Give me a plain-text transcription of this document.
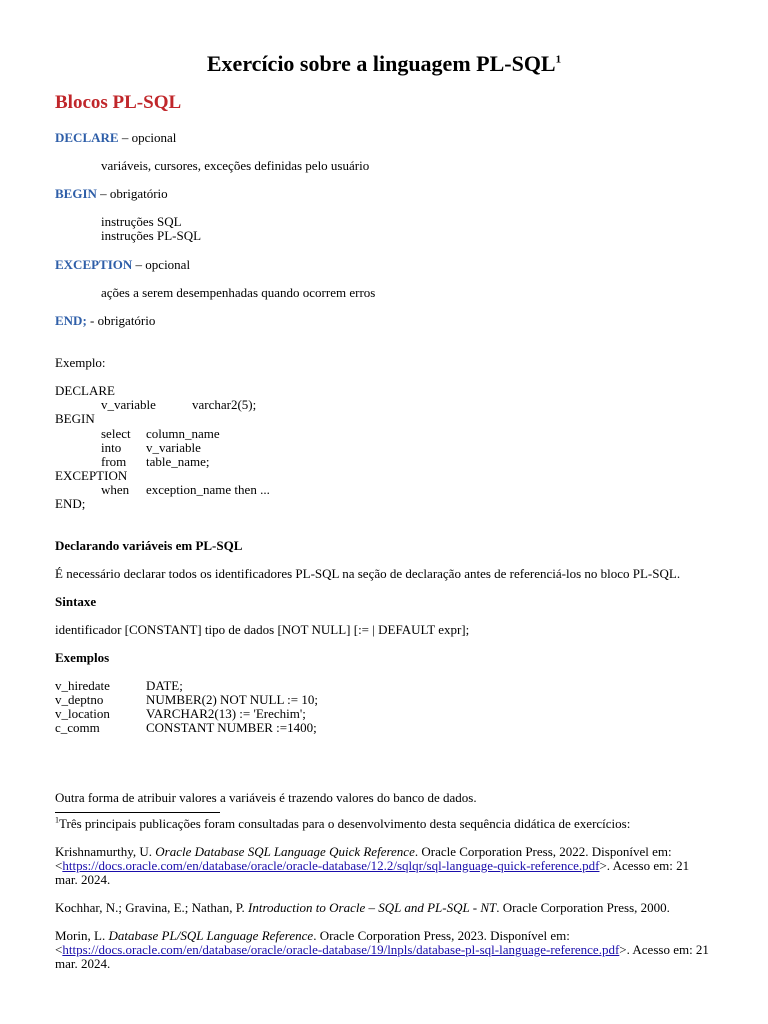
Exercício sobre a linguagem PL-SQL$^1$
Blocos PL-SQL
DECLARE – opcional
variáveis, cursores, exceções definidas pelo usuário
BEGIN – obrigatório
instruções SQL
instruções PL-SQL
EXCEPTION – opcional
ações a serem desempenhadas quando ocorrem erros
END; - obrigatório
Exemplo:
DECLARE
v_variable	varchar2(5);
BEGIN
select column_name
into v_variable
from table_name;
EXCEPTION
when exception_name then ...
END;
Declarando variáveis em PL-SQL
É necessário declarar todos os identificadores PL-SQL na seção de declaração antes de referenciá-los no bloco PL-SQL.
Sintaxe
identificador [CONSTANT] tipo de dados [NOT NULL] [:= | DEFAULT expr];
Exemplos
v_hiredate	DATE;
v_deptno	NUMBER(2) NOT NULL := 10;
v_location	VARCHAR2(13) := 'Erechim';
c_comm	CONSTANT NUMBER :=1400;
Outra forma de atribuir valores a variáveis é trazendo valores do banco de dados.
$^1$Três principais publicações foram consultadas para o desenvolvimento desta sequência didática de exercícios:
Krishnamurthy, U. Oracle Database SQL Language Quick Reference. Oracle Corporation Press, 2022. Disponível em: <https://docs.oracle.com/en/database/oracle/oracle-database/12.2/sqlqr/sql-language-quick-reference.pdf>. Acesso em: 21 mar. 2024.
Kochhar, N.; Gravina, E.; Nathan, P. Introduction to Oracle – SQL and PL-SQL - NT. Oracle Corporation Press, 2000.
Morin, L. Database PL/SQL Language Reference. Oracle Corporation Press, 2023. Disponível em: <https://docs.oracle.com/en/database/oracle/oracle-database/19/lnpls/database-pl-sql-language-reference.pdf>. Acesso em: 21 mar. 2024.
